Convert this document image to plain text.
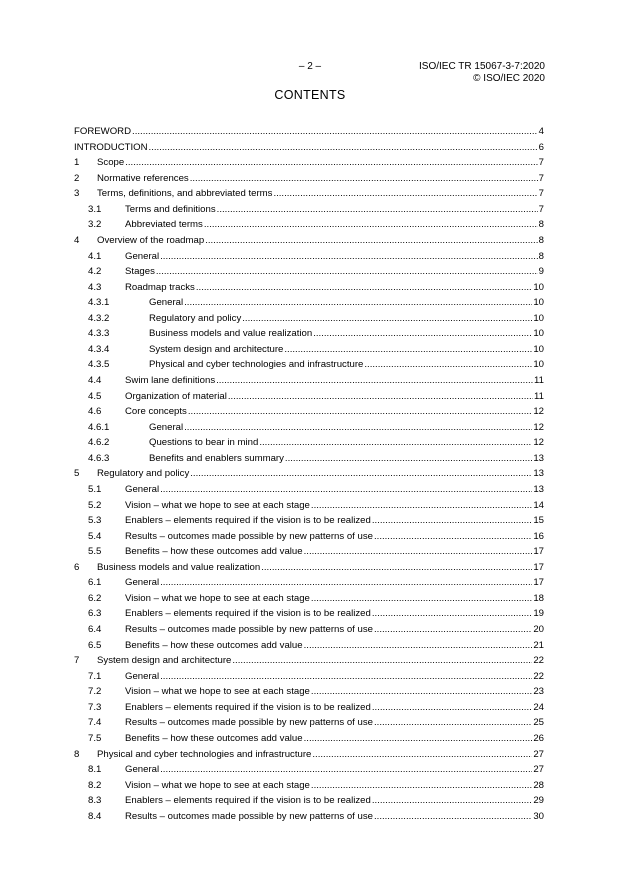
– 2 –	ISO/IEC TR 15067-3-7:2020
© ISO/IEC 2020
CONTENTS
FOREWORD .....	4
INTRODUCTION .....	6
1 Scope .....	7
2 Normative references .....	7
3 Terms, definitions, and abbreviated terms .....	7
3.1 Terms and definitions .....	7
3.2 Abbreviated terms .....	8
4 Overview of the roadmap .....	8
4.1 General .....	8
4.2 Stages .....	9
4.3 Roadmap tracks .....	10
4.3.1	General .....	10
4.3.2	Regulatory and policy .....	10
4.3.3	Business models and value realization .....	10
4.3.4	System design and architecture .....	10
4.3.5	Physical and cyber technologies and infrastructure .....	10
4.4 Swim lane definitions .....	11
4.5 Organization of material .....	11
4.6 Core concepts .....	12
4.6.1	General .....	12
4.6.2	Questions to bear in mind .....	12
4.6.3	Benefits and enablers summary .....	13
5 Regulatory and policy .....	13
5.1 General .....	13
5.2 Vision – what we hope to see at each stage .....	14
5.3 Enablers – elements required if the vision is to be realized .....	15
5.4 Results – outcomes made possible by new patterns of use .....	16
5.5 Benefits – how these outcomes add value .....	17
6 Business models and value realization .....	17
6.1 General .....	17
6.2 Vision – what we hope to see at each stage .....	18
6.3 Enablers – elements required if the vision is to be realized .....	19
6.4 Results – outcomes made possible by new patterns of use .....	20
6.5 Benefits – how these outcomes add value .....	21
7 System design and architecture .....	22
7.1 General .....	22
7.2 Vision – what we hope to see at each stage .....	23
7.3 Enablers – elements required if the vision is to be realized .....	24
7.4 Results – outcomes made possible by new patterns of use .....	25
7.5 Benefits – how these outcomes add value .....	26
8 Physical and cyber technologies and infrastructure .....	27
8.1 General .....	27
8.2 Vision – what we hope to see at each stage .....	28
8.3 Enablers – elements required if the vision is to be realized .....	29
8.4 Results – outcomes made possible by new patterns of use .....	30
